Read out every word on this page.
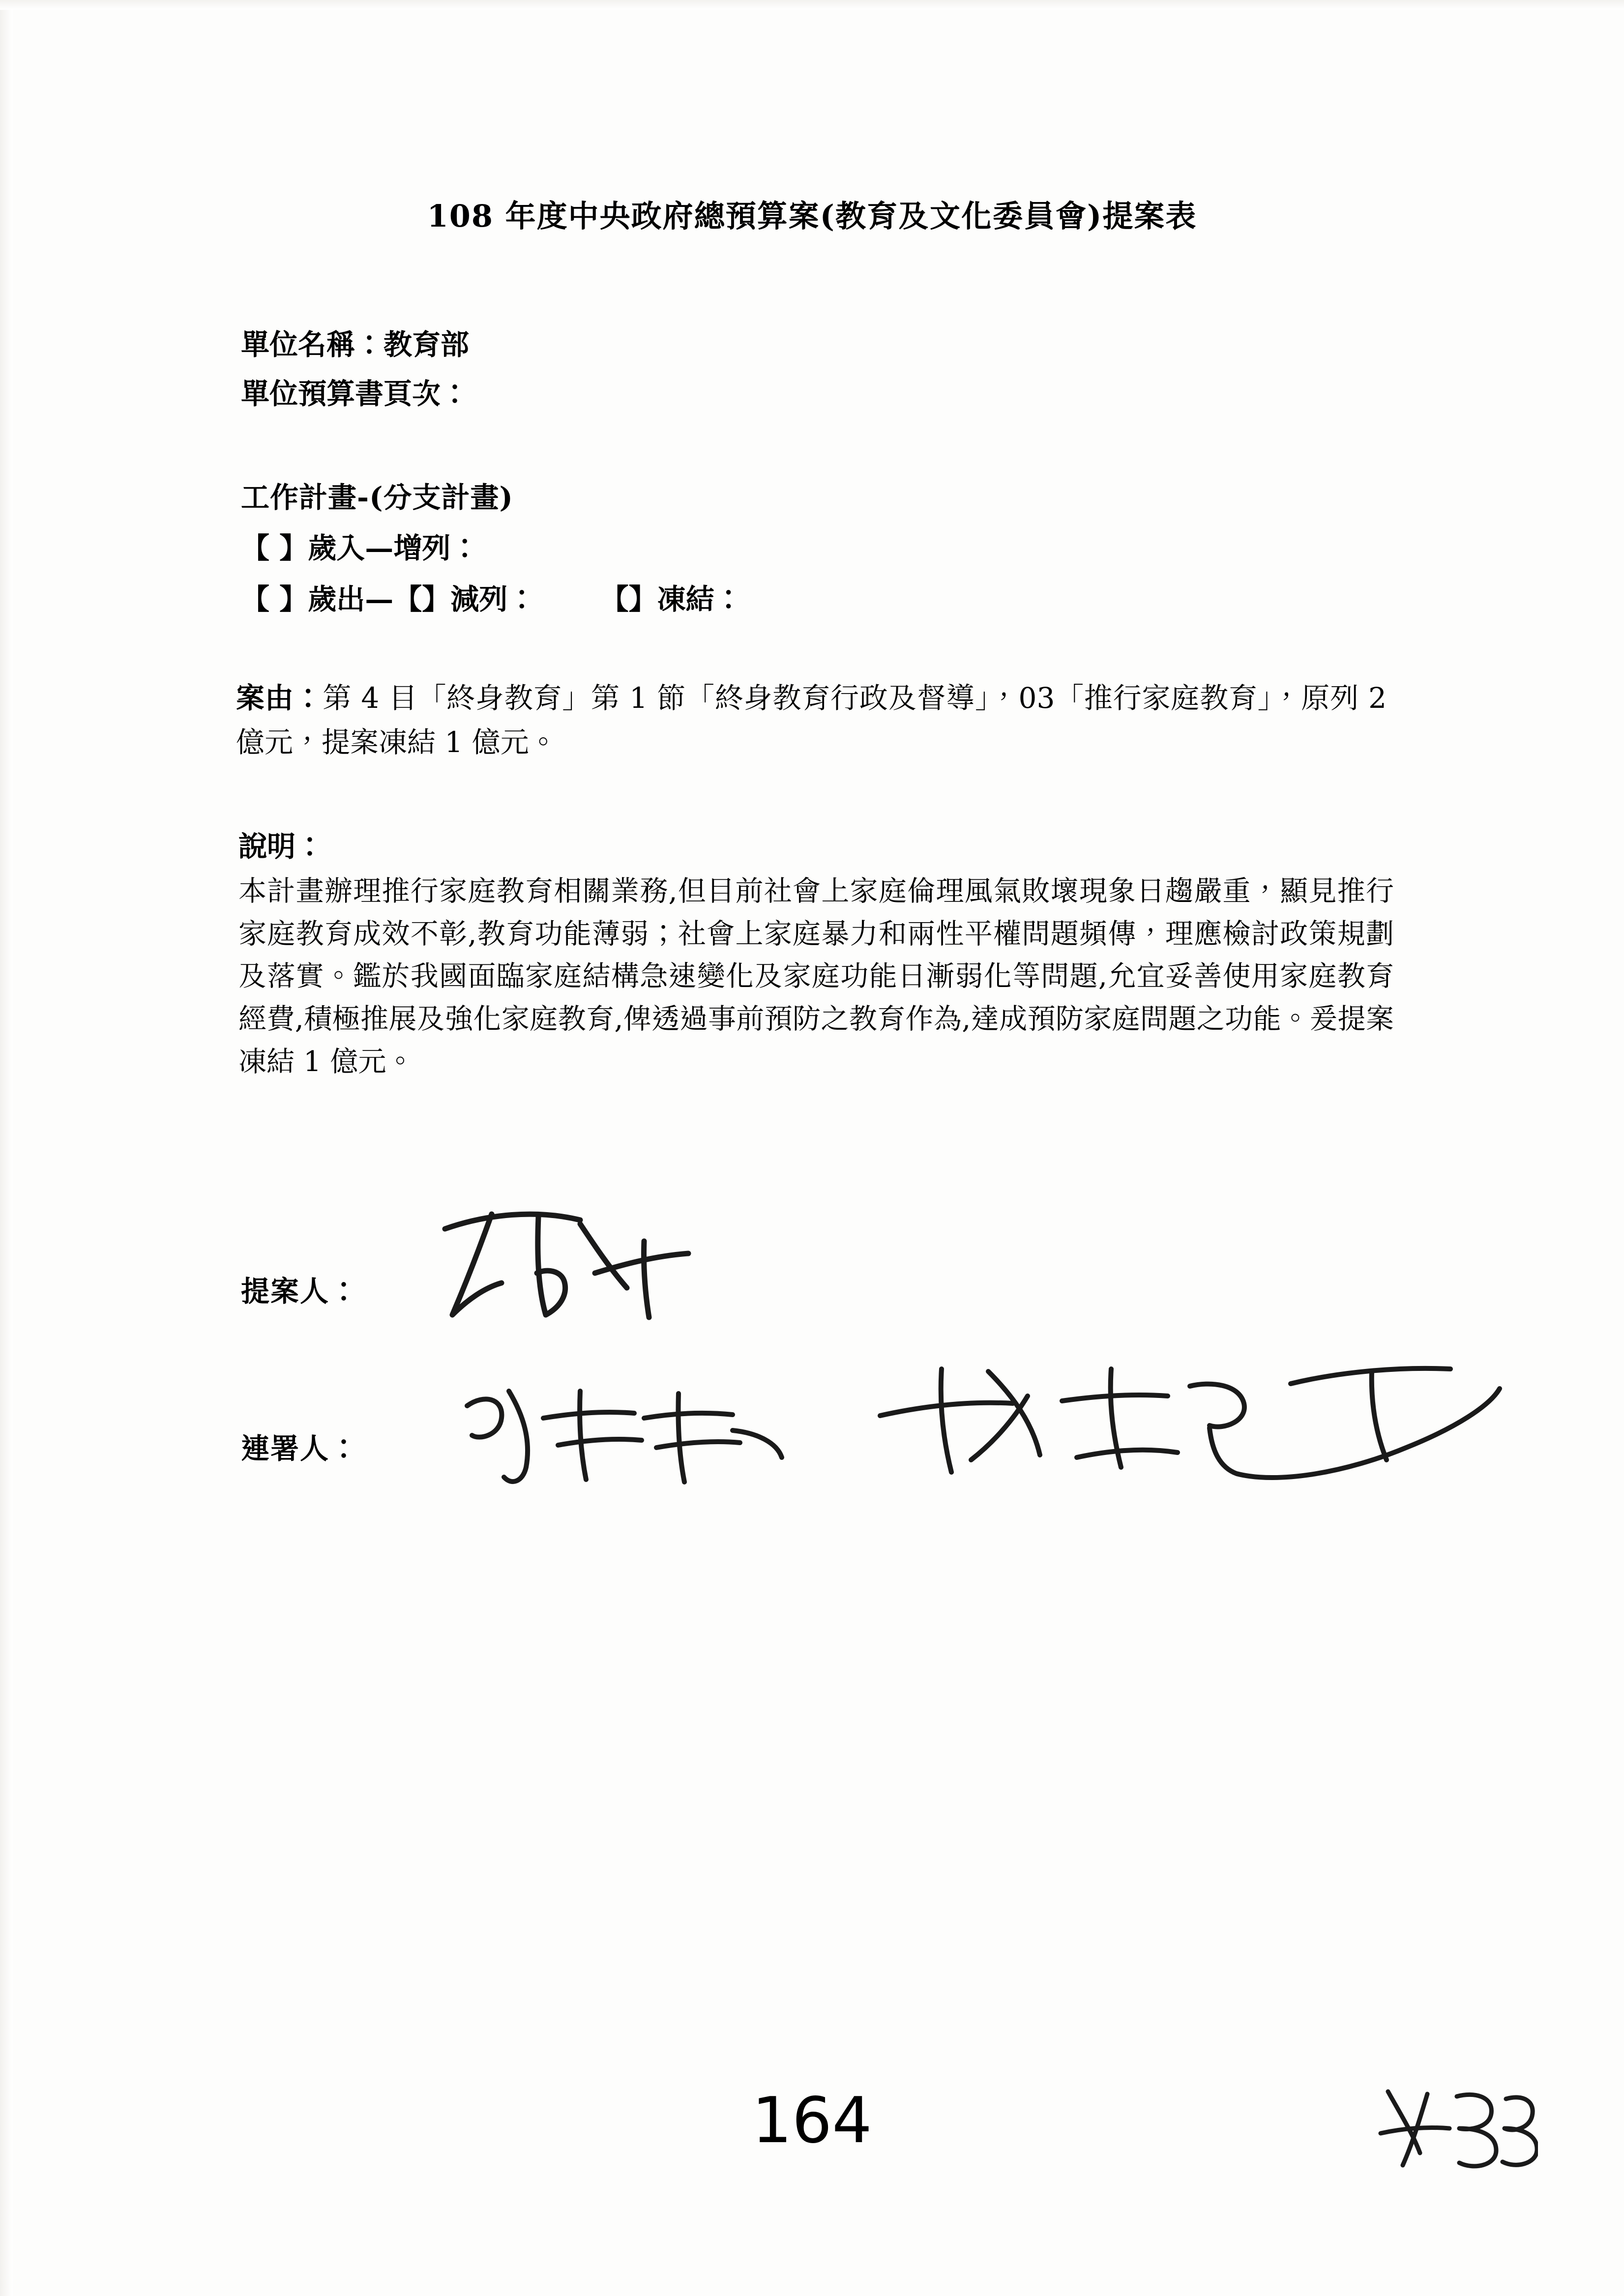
108 年度中央政府總預算案(教育及文化委員會)提案表
單位名稱：教育部
單位預算書頁次：
工作計畫-(分支計畫)
【 】歲入—增列：
【 】歲出—【】減列： 【】凍結：
案由：第 4 目「終身教育」第 1 節「終身教育行政及督導」，03「推行家庭教育」，原列 2 億元，提案凍結 1 億元。
說明：
本計畫辦理推行家庭教育相關業務,但目前社會上家庭倫理風氣敗壞現象日趨嚴重，顯見推行家庭教育成效不彰,教育功能薄弱；社會上家庭暴力和兩性平權問題頻傳，理應檢討政策規劃及落實。鑑於我國面臨家庭結構急速變化及家庭功能日漸弱化等問題,允宜妥善使用家庭教育經費,積極推展及強化家庭教育,俾透過事前預防之教育作為,達成預防家庭問題之功能。爰提案凍結 1 億元。
提案人：
連署人：
164
